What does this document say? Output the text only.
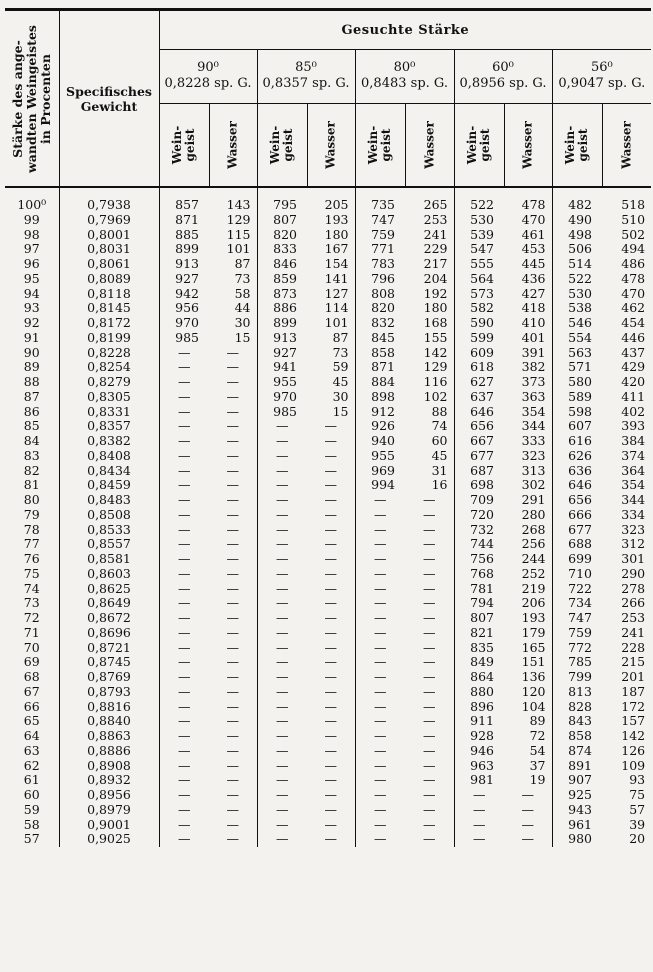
Stärke des ange-
wandten Weingeistes
in Procenten	Specifisches
Gewicht	Gesuchte Stärke									

		90⁰
0,8228 sp. G.		85⁰
0,8357 sp. G.		80⁰
0,8483 sp. G.		60⁰
0,8956 sp. G.		56⁰
0,9047 sp. G.	

		Wein-
geist	Wasser	Wein-
geist	Wasser	Wein-
geist	Wasser	Wein-
geist	Wasser	Wein-
geist	Wasser

100⁰	0,7938	857	143	795	205	735	265	522	478	482	518
99	0,7969	871	129	807	193	747	253	530	470	490	510
98	0,8001	885	115	820	180	759	241	539	461	498	502
97	0,8031	899	101	833	167	771	229	547	453	506	494
96	0,8061	913	87	846	154	783	217	555	445	514	486
95	0,8089	927	73	859	141	796	204	564	436	522	478
94	0,8118	942	58	873	127	808	192	573	427	530	470
93	0,8145	956	44	886	114	820	180	582	418	538	462
92	0,8172	970	30	899	101	832	168	590	410	546	454
91	0,8199	985	15	913	87	845	155	599	401	554	446
90	0,8228	—	—	927	73	858	142	609	391	563	437
89	0,8254	—	—	941	59	871	129	618	382	571	429
88	0,8279	—	—	955	45	884	116	627	373	580	420
87	0,8305	—	—	970	30	898	102	637	363	589	411
86	0,8331	—	—	985	15	912	88	646	354	598	402
85	0,8357	—	—	—	—	926	74	656	344	607	393
84	0,8382	—	—	—	—	940	60	667	333	616	384
83	0,8408	—	—	—	—	955	45	677	323	626	374
82	0,8434	—	—	—	—	969	31	687	313	636	364
81	0,8459	—	—	—	—	994	16	698	302	646	354
80	0,8483	—	—	—	—	—	—	709	291	656	344
79	0,8508	—	—	—	—	—	—	720	280	666	334
78	0,8533	—	—	—	—	—	—	732	268	677	323
77	0,8557	—	—	—	—	—	—	744	256	688	312
76	0,8581	—	—	—	—	—	—	756	244	699	301
75	0,8603	—	—	—	—	—	—	768	252	710	290
74	0,8625	—	—	—	—	—	—	781	219	722	278
73	0,8649	—	—	—	—	—	—	794	206	734	266
72	0,8672	—	—	—	—	—	—	807	193	747	253
71	0,8696	—	—	—	—	—	—	821	179	759	241
70	0,8721	—	—	—	—	—	—	835	165	772	228
69	0,8745	—	—	—	—	—	—	849	151	785	215
68	0,8769	—	—	—	—	—	—	864	136	799	201
67	0,8793	—	—	—	—	—	—	880	120	813	187
66	0,8816	—	—	—	—	—	—	896	104	828	172
65	0,8840	—	—	—	—	—	—	911	89	843	157
64	0,8863	—	—	—	—	—	—	928	72	858	142
63	0,8886	—	—	—	—	—	—	946	54	874	126
62	0,8908	—	—	—	—	—	—	963	37	891	109
61	0,8932	—	—	—	—	—	—	981	19	907	93
60	0,8956	—	—	—	—	—	—	—	—	925	75
59	0,8979	—	—	—	—	—	—	—	—	943	57
58	0,9001	—	—	—	—	—	—	—	—	961	39
57	0,9025	—	—	—	—	—	—	—	—	980	20
